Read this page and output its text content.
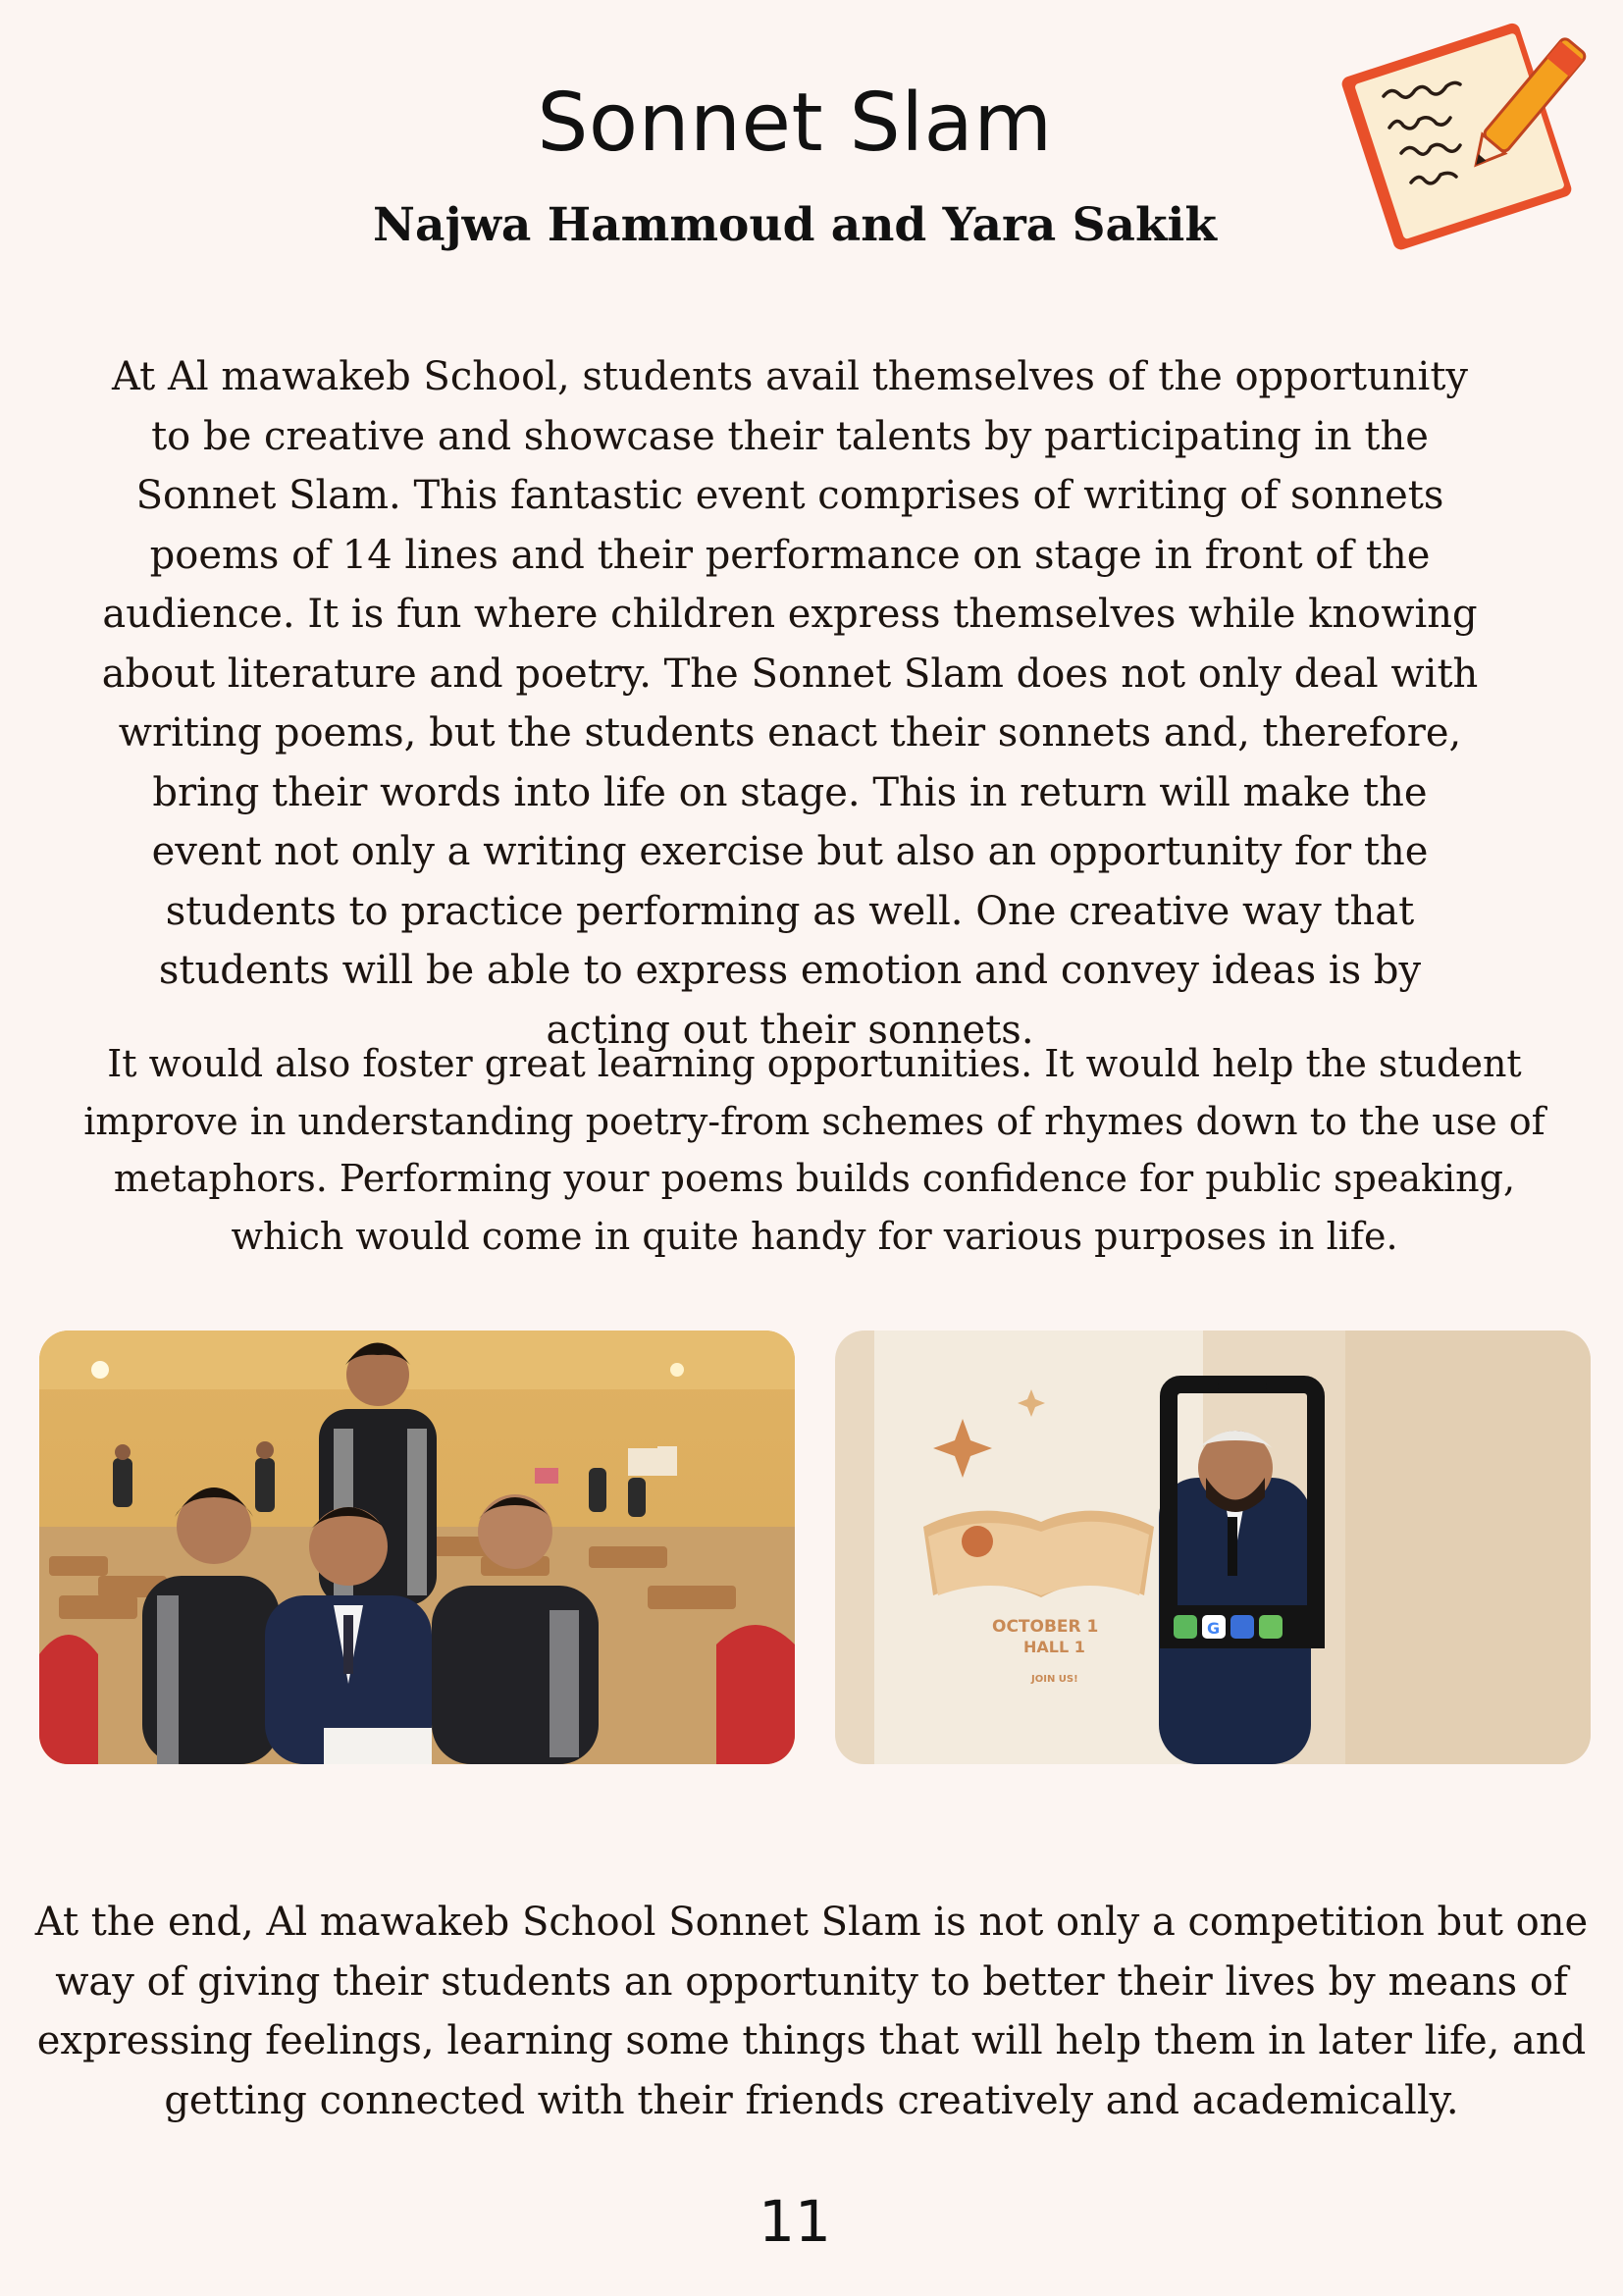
Sonnet Slam
Najwa Hammoud and Yara Sakik

At Al mawakeb School, students avail themselves of the opportunity to be creative and showcase their talents by participating in the Sonnet Slam. This fantastic event comprises of writing of sonnets poems of 14 lines and their performance on stage in front of the audience. It is fun where children express themselves while knowing about literature and poetry. The Sonnet Slam does not only deal with writing poems, but the students enact their sonnets and, therefore, bring their words into life on stage. This in return will make the event not only a writing exercise but also an opportunity for the students to practice performing as well. One creative way that students will be able to express emotion and convey ideas is by acting out their sonnets.

It would also foster great learning opportunities. It would help the student improve in understanding poetry-from schemes of rhymes down to the use of metaphors. Performing your poems builds confidence for public speaking, which would come in quite handy for various purposes in life.

OCTOBER 1
HALL 1
JOIN US!
G

At the end, Al mawakeb School Sonnet Slam is not only a competition but one way of giving their students an opportunity to better their lives by means of expressing feelings, learning some things that will help them in later life, and getting connected with their friends creatively and academically.

11
